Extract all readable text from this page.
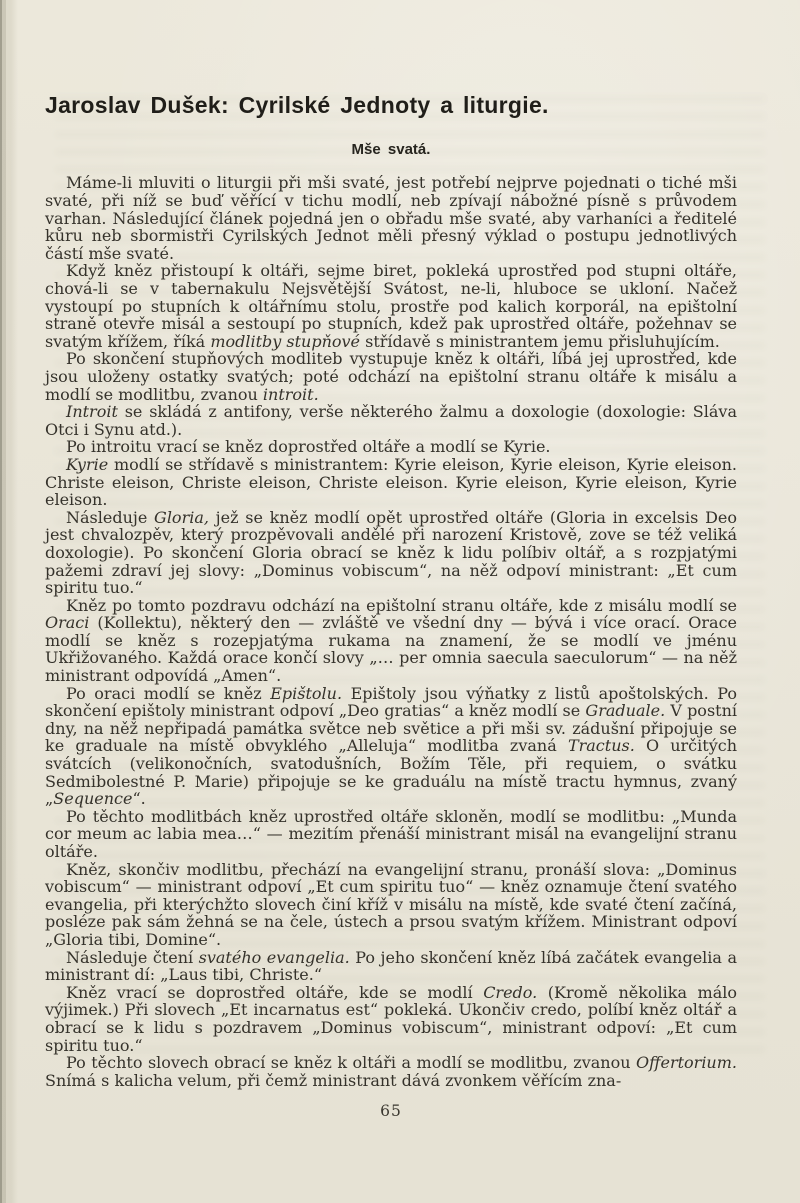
Jaroslav Dušek: Cyrilské Jednoty a liturgie.
Mše svatá.

Máme-li mluviti o liturgii při mši svaté, jest potřebí nejprve pojednati o tiché mši svaté, při níž se buď věřící v tichu modlí, neb zpívají nábožné písně s průvodem varhan. Následující článek pojedná jen o obřadu mše svaté, aby varhaníci a ředitelé kůru neb sbormistři Cyrilských Jednot měli přesný výklad o postupu jednotlivých částí mše svaté.

Když kněz přistoupí k oltáři, sejme biret, pokleká uprostřed pod stupni oltáře, chová-li se v tabernakulu Nejsvětější Svátost, ne-li, hluboce se ukloní. Načež vystoupí po stupních k oltářnímu stolu, prostře pod kalich korporál, na epištolní straně otevře misál a sestoupí po stupních, kdež pak uprostřed oltáře, požehnav se svatým křížem, říká modlitby stupňové střídavě s ministrantem jemu přisluhujícím.

Po skončení stupňových modliteb vystupuje kněz k oltáři, líbá jej uprostřed, kde jsou uloženy ostatky svatých; poté odchází na epištolní stranu oltáře k misálu a modlí se modlitbu, zvanou introit.

Introit se skládá z antifony, verše některého žalmu a doxologie (doxologie: Sláva Otci i Synu atd.).

Po introitu vrací se kněz doprostřed oltáře a modlí se Kyrie.

Kyrie modlí se střídavě s ministrantem: Kyrie eleison, Kyrie eleison, Kyrie eleison. Christe eleison, Christe eleison, Christe eleison. Kyrie eleison, Kyrie eleison, Kyrie eleison.

Následuje Gloria, jež se kněz modlí opět uprostřed oltáře (Gloria in excelsis Deo jest chvalozpěv, který prozpěvovali andělé při narození Kristově, zove se též veliká doxologie). Po skončení Gloria obrací se kněz k lidu políbiv oltář, a s rozpjatými pažemi zdraví jej slovy: „Dominus vobiscum“, na něž odpoví ministrant: „Et cum spiritu tuo.“

Kněz po tomto pozdravu odchází na epištolní stranu oltáře, kde z misálu modlí se Oraci (Kollektu), některý den — zvláště ve všední dny — bývá i více orací. Orace modlí se kněz s rozepjatýma rukama na znamení, že se modlí ve jménu Ukřižovaného. Každá orace končí slovy „… per omnia saecula saeculorum“ — na něž ministrant odpovídá „Amen“.

Po oraci modlí se kněz Epištolu. Epištoly jsou výňatky z listů apoštolských. Po skončení epištoly ministrant odpoví „Deo gratias“ a kněz modlí se Graduale. V postní dny, na něž nepřipadá památka světce neb světice a při mši sv. zádušní připojuje se ke graduale na místě obvyklého „Alleluja“ modlitba zvaná Tractus. O určitých svátcích (velikonočních, svatodušních, Božím Těle, při requiem, o svátku Sedmibolestné P. Marie) připojuje se ke graduálu na místě tractu hymnus, zvaný „Sequence“.

Po těchto modlitbách kněz uprostřed oltáře skloněn, modlí se modlitbu: „Munda cor meum ac labia mea…“ — mezitím přenáší ministrant misál na evangelijní stranu oltáře.

Kněz, skončiv modlitbu, přechází na evangelijní stranu, pronáší slova: „Dominus vobiscum“ — ministrant odpoví „Et cum spiritu tuo“ — kněz oznamuje čtení svatého evangelia, při kterýchžto slovech činí kříž v misálu na místě, kde svaté čtení začíná, posléze pak sám žehná se na čele, ústech a prsou svatým křížem. Ministrant odpoví „Gloria tibi, Domine“.

Následuje čtení svatého evangelia. Po jeho skončení kněz líbá začátek evangelia a ministrant dí: „Laus tibi, Christe.“

Kněz vrací se doprostřed oltáře, kde se modlí Credo. (Kromě několika málo výjimek.) Při slovech „Et incarnatus est“ pokleká. Ukončiv credo, políbí kněz oltář a obrací se k lidu s pozdravem „Dominus vobiscum“, ministrant odpoví: „Et cum spiritu tuo.“

Po těchto slovech obrací se kněz k oltáři a modlí se modlitbu, zvanou Offertorium. Snímá s kalicha velum, při čemž ministrant dává zvonkem věřícím zna-

65
